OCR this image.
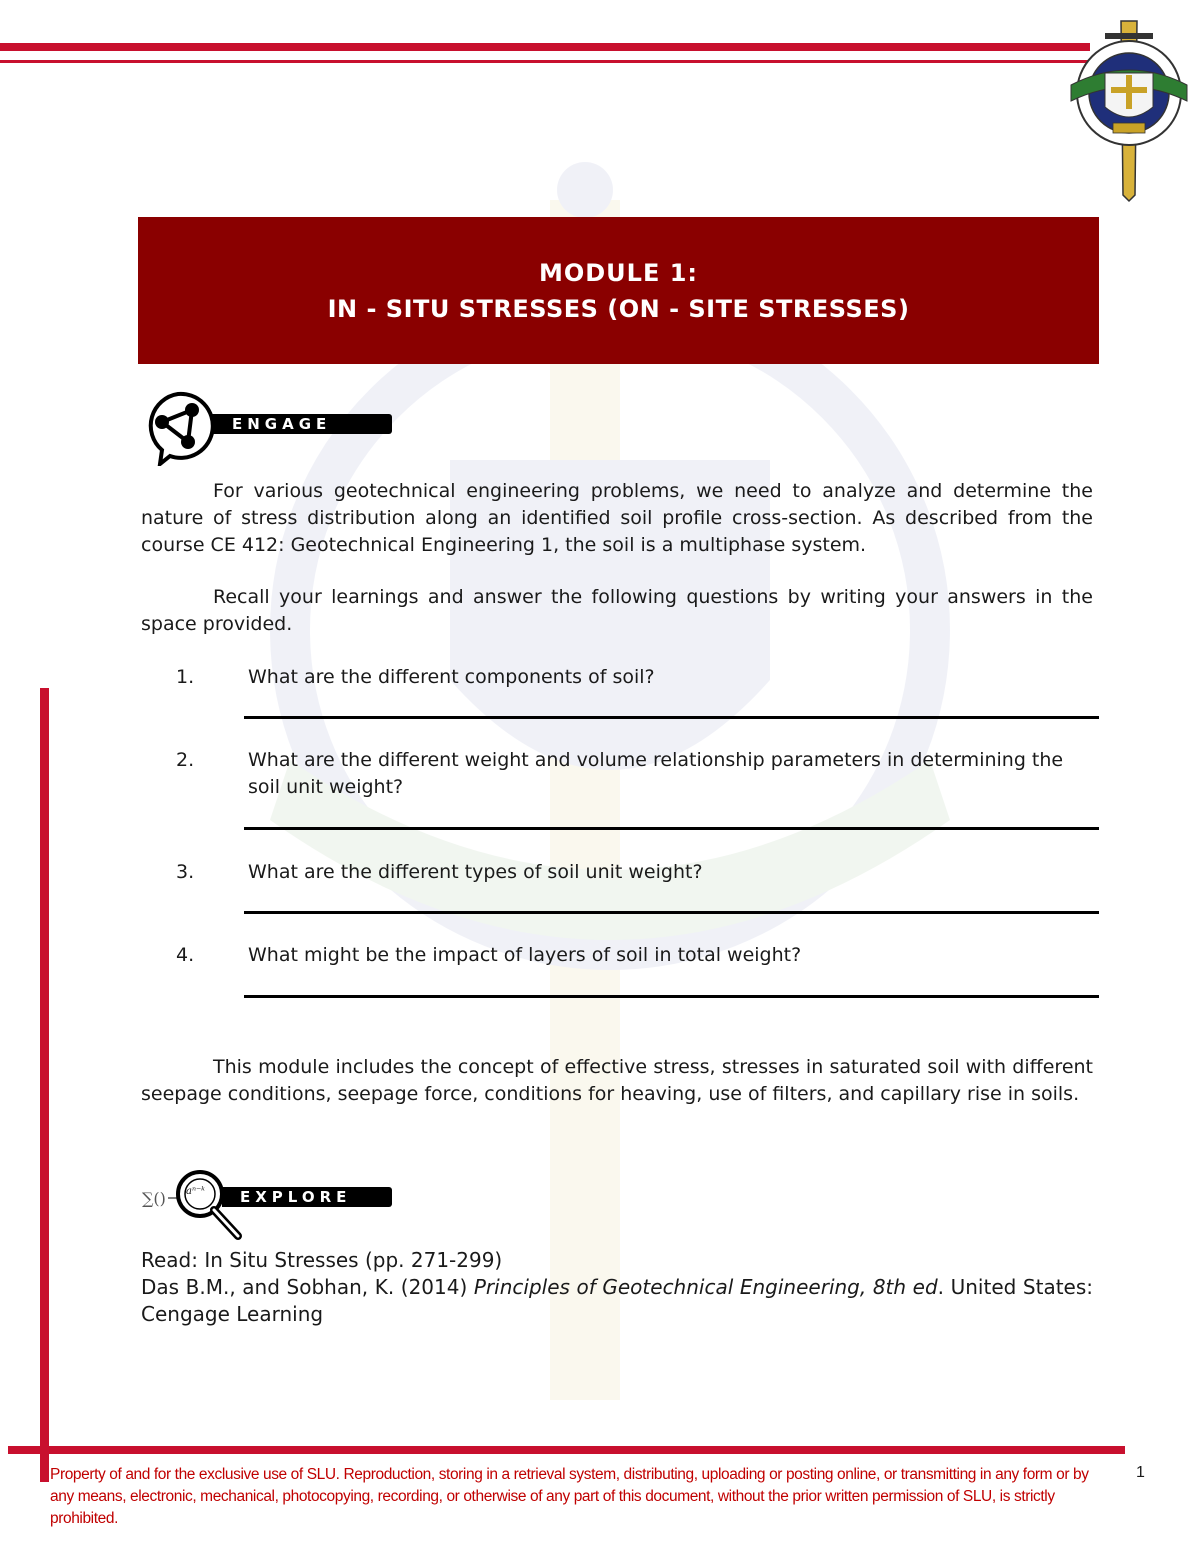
MODULE 1:
IN - SITU STRESSES (ON - SITE STRESSES)
ENGAGE
For various geotechnical engineering problems, we need to analyze and determine the nature of stress distribution along an identified soil profile cross-section. As described from the course CE 412: Geotechnical Engineering 1, the soil is a multiphase system.
Recall your learnings and answer the following questions by writing your answers in the space provided.
1.	What are the different components of soil?
2.	What are the different weight and volume relationship parameters in determining the soil unit weight?
3.	What are the different types of soil unit weight?
4.	What might be the impact of layers of soil in total weight?
This module includes the concept of effective stress, stresses in saturated soil with different seepage conditions, seepage force, conditions for heaving, use of filters, and capillary rise in soils.
∑() aⁿ⁻ᵏ	EXPLORE
Read: In Situ Stresses (pp. 271-299)
Das B.M., and Sobhan, K. (2014) Principles of Geotechnical Engineering, 8th ed. United States: Cengage Learning
Property of and for the exclusive use of SLU. Reproduction, storing in a retrieval system, distributing, uploading or posting online, or transmitting in any form or by any means, electronic, mechanical, photocopying, recording, or otherwise of any part of this document, without the prior written permission of SLU, is strictly prohibited.
1
